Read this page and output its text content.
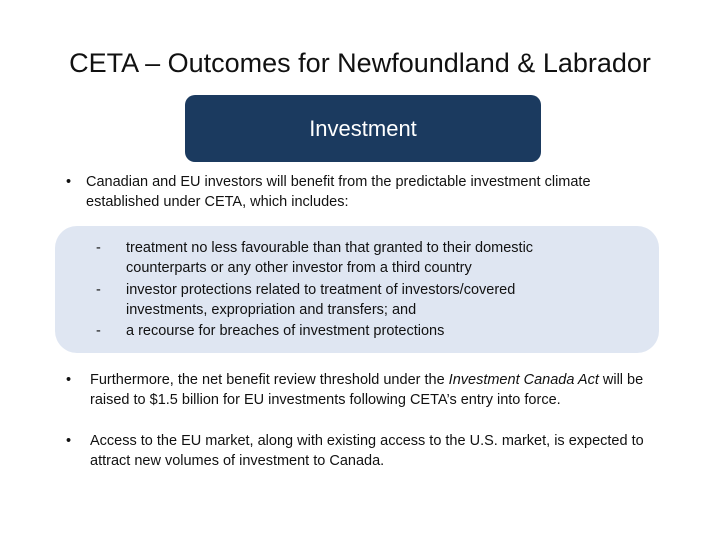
CETA – Outcomes for Newfoundland & Labrador
Investment
• Canadian and EU investors will benefit from the predictable investment climate established under CETA, which includes:
- treatment no less favourable than that granted to their domestic counterparts or any other investor from a third country
- investor protections related to treatment of investors/covered investments, expropriation and transfers; and
- a recourse for breaches of investment protections
• Furthermore, the net benefit review threshold under the Investment Canada Act will be raised to $1.5 billion for EU investments following CETA’s entry into force.
• Access to the EU market, along with existing access to the U.S. market, is expected to attract new volumes of investment to Canada.
